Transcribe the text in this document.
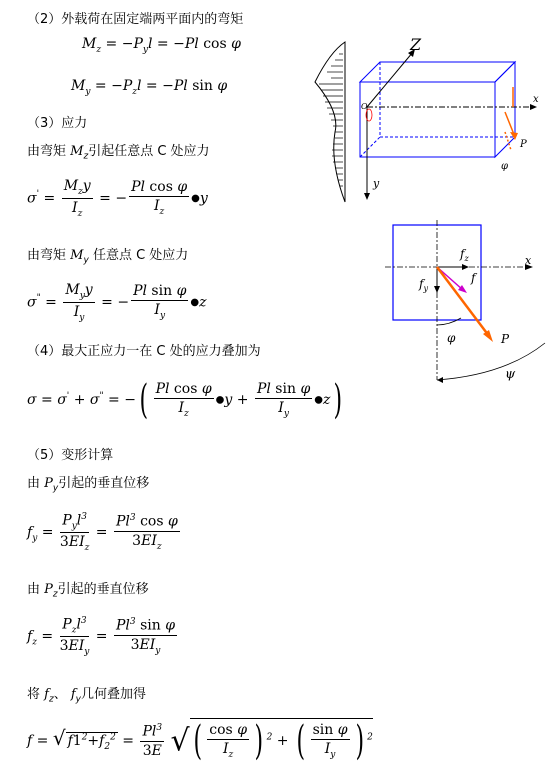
（2）外载荷在固定端两平面内的弯矩
$M_z = -P_yl = -Pl$ cos φ
$M_y = -P_zl = -Pl$ sin φ
（3）应力
由弯矩 $M_z$引起任意点 C 处应力
$\sigma' = \frac{M_zy}{I_z}$ = − $\frac{\text{Pl cos φ}}{I_z}$ ●y
由弯矩 $M_y$ 任意点 C 处应力
$\sigma^" = \frac{M_yy}{I_y}$ = − $\frac{\text{Pl sin φ}}{I_y}$ ●z
（4）最大正应力一在 C 处的应力叠加为
σ = σ' + σ" = −( $\frac{\text{Pl cos φ}}{I_z}$ ●y + $\frac{\text{Pl sin φ}}{I_y}$ ●z)
（5）变形计算
由 $P_y$引起的垂直位移
$f_y = \frac{P_yl^3}{3EI_z} = \frac{Pl^3 \cos \varphi}{3EI_z}$
由 $P_z$引起的垂直位移
$f_z = \frac{P_zl^3}{3EI_y} = \frac{Pl^3 \sin \varphi}{3EI_y}$
将 $f_z$、 $f_y$几何叠加得
f = √ $f1^2+f_2^2 = \frac{Pl^3}{3E}$ √( $\frac{\text{cos φ}}{I_z}$ ) $^2$ + ( $\frac{\text{sin φ}}{I_y}$ ) $^2$
Z
y
x
O
P
φ
x
$f_z$
$f_y$
f
P
φ
ψ
